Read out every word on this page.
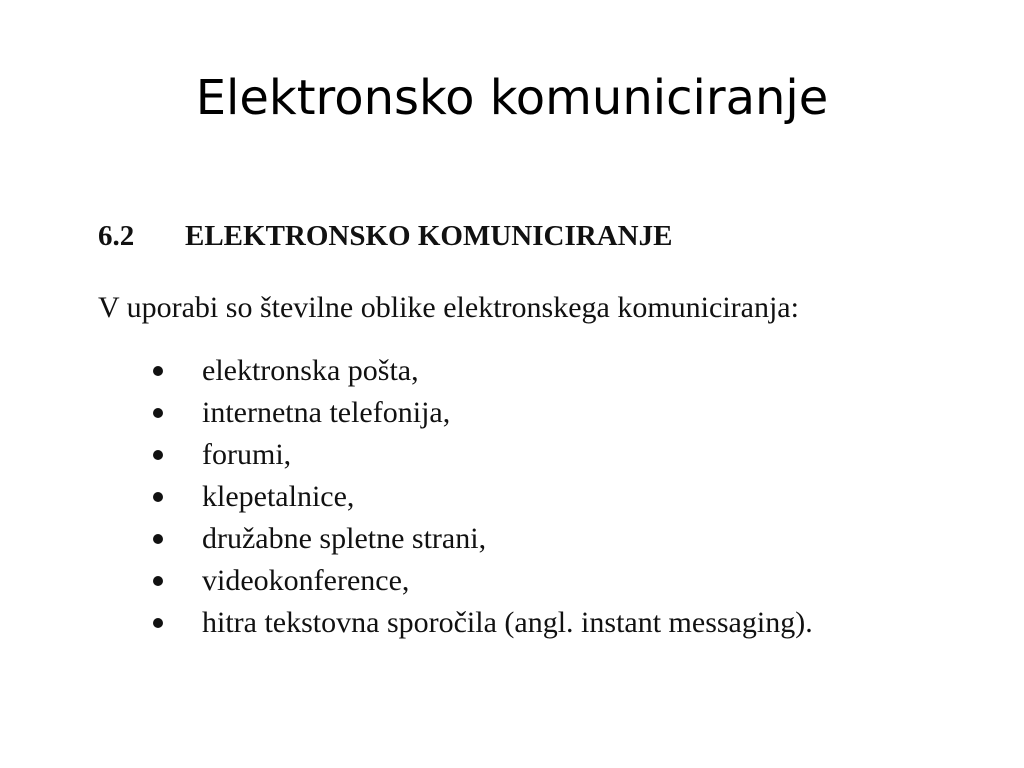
Elektronsko komuniciranje
6.2 ELEKTRONSKO KOMUNICIRANJE
V uporabi so številne oblike elektronskega komuniciranja:
elektronska pošta,
internetna telefonija,
forumi,
klepetalnice,
družabne spletne strani,
videokonference,
hitra tekstovna sporočila (angl. instant messaging).
